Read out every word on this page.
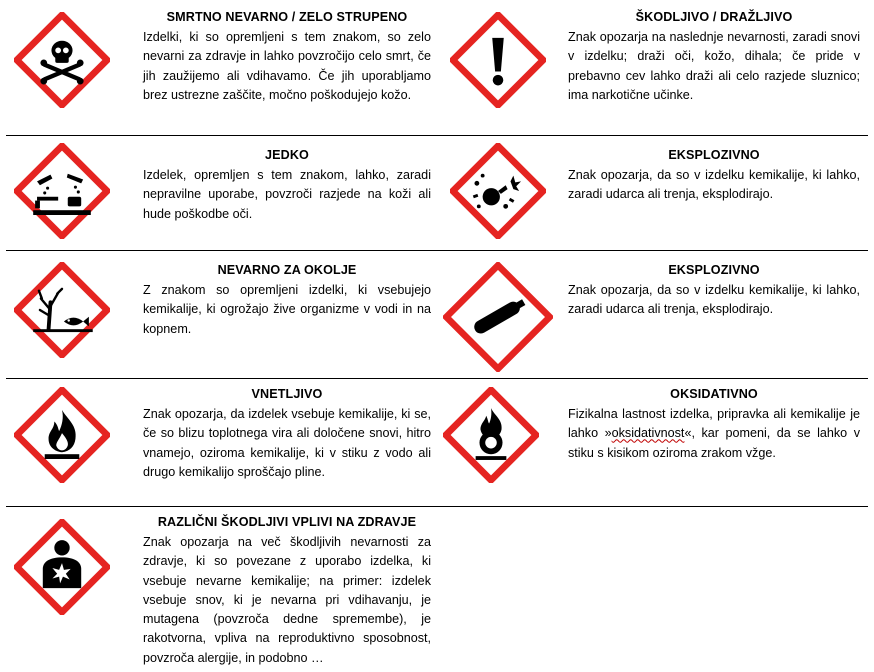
SMRTNO NEVARNO / ZELO STRUPENO
Izdelki, ki so opremljeni s tem znakom, so zelo nevarni za zdravje in lahko povzročijo celo smrt, če jih zaužijemo ali vdihavamo. Če jih uporabljamo brez ustrezne zaščite, močno poškodujejo kožo.
ŠKODLJIVO / DRAŽLJIVO
Znak opozarja na naslednje nevarnosti, zaradi snovi v izdelku; draži oči, kožo, dihala; če pride v prebavno cev lahko draži ali celo razjede sluznico; ima narkotične učinke.
JEDKO
Izdelek, opremljen s tem znakom, lahko, zaradi nepravilne uporabe, povzroči razjede na koži ali hude poškodbe oči.
EKSPLOZIVNO
Znak opozarja, da so v izdelku kemikalije, ki lahko, zaradi udarca ali trenja, eksplodirajo.
NEVARNO ZA OKOLJE
Z znakom so opremljeni izdelki, ki vsebujejo kemikalije, ki ogrožajo žive organizme v vodi in na kopnem.
EKSPLOZIVNO
Znak opozarja, da so v izdelku kemikalije, ki lahko, zaradi udarca ali trenja, eksplodirajo.
VNETLJIVO
Znak opozarja, da izdelek vsebuje kemikalije, ki se, če so blizu toplotnega vira ali določene snovi, hitro vnamejo, oziroma kemikalije, ki v stiku z vodo ali drugo kemikalijo sproščajo pline.
OKSIDATIVNO
Fizikalna lastnost izdelka, pripravka ali kemikalije je lahko »oksidativnost«, kar pomeni, da se lahko v stiku s kisikom oziroma zrakom vžge.
RAZLIČNI ŠKODLJIVI VPLIVI NA ZDRAVJE
Znak opozarja na več škodljivih nevarnosti za zdravje, ki so povezane z uporabo izdelka, ki vsebuje nevarne kemikalije; na primer: izdelek vsebuje snov, ki je nevarna pri vdihavanju, je mutagena (povzroča dedne spremembe), je rakotvorna, vpliva na reproduktivno sposobnost, povzroča alergije, in podobno …
